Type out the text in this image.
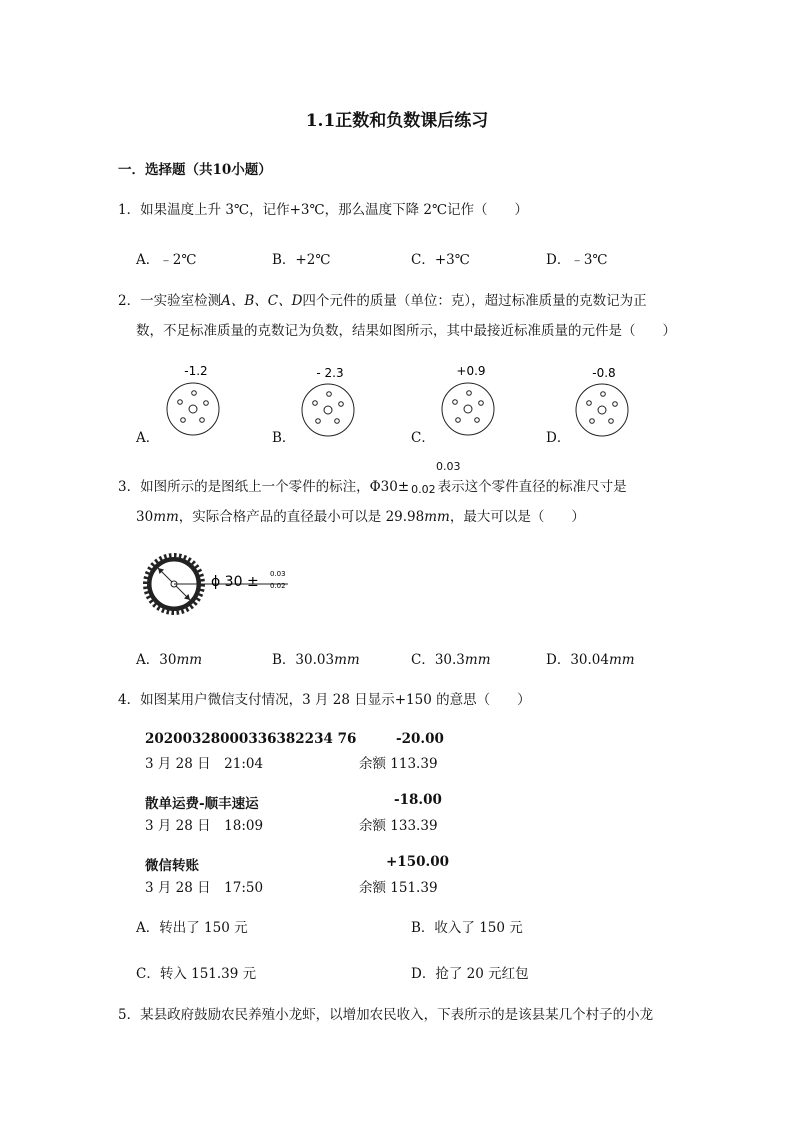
1.1正数和负数课后练习
一．选择题（共10小题）
1．如果温度上升 3℃，记作+3℃，那么温度下降 2℃记作（　　）
A．﹣2℃	B．+2℃	C．+3℃	D．﹣3℃
2．一实验室检测A、B、C、D四个元件的质量（单位：克），超过标准质量的克数记为正
数，不足标准质量的克数记为负数，结果如图所示，其中最接近标准质量的元件是（　　）
-1.2	- 2.3	+0.9	-0.8
A．	B．	C．	D．
0.03
3．如图所示的是图纸上一个零件的标注，Φ30± 0.02 表示这个零件直径的标准尺寸是
30mm，实际合格产品的直径最小可以是 29.98mm，最大可以是（　　）
ϕ 30 ± 0.03
0.02
A．30mm	B．30.03mm	C．30.3mm	D．30.04mm
4．如图某用户微信支付情况，3 月 28 日显示+150 的意思（　　）
20200328000336382234 76	-20.00
3 月 28 日　21:04	余额 113.39
散单运费-顺丰速运	-18.00
3 月 28 日　18:09	余额 133.39
微信转账	+150.00
3 月 28 日　17:50	余额 151.39
A．转出了 150 元	B．收入了 150 元
C．转入 151.39 元	D．抢了 20 元红包
5．某县政府鼓励农民养殖小龙虾，以增加农民收入，下表所示的是该县某几个村子的小龙
